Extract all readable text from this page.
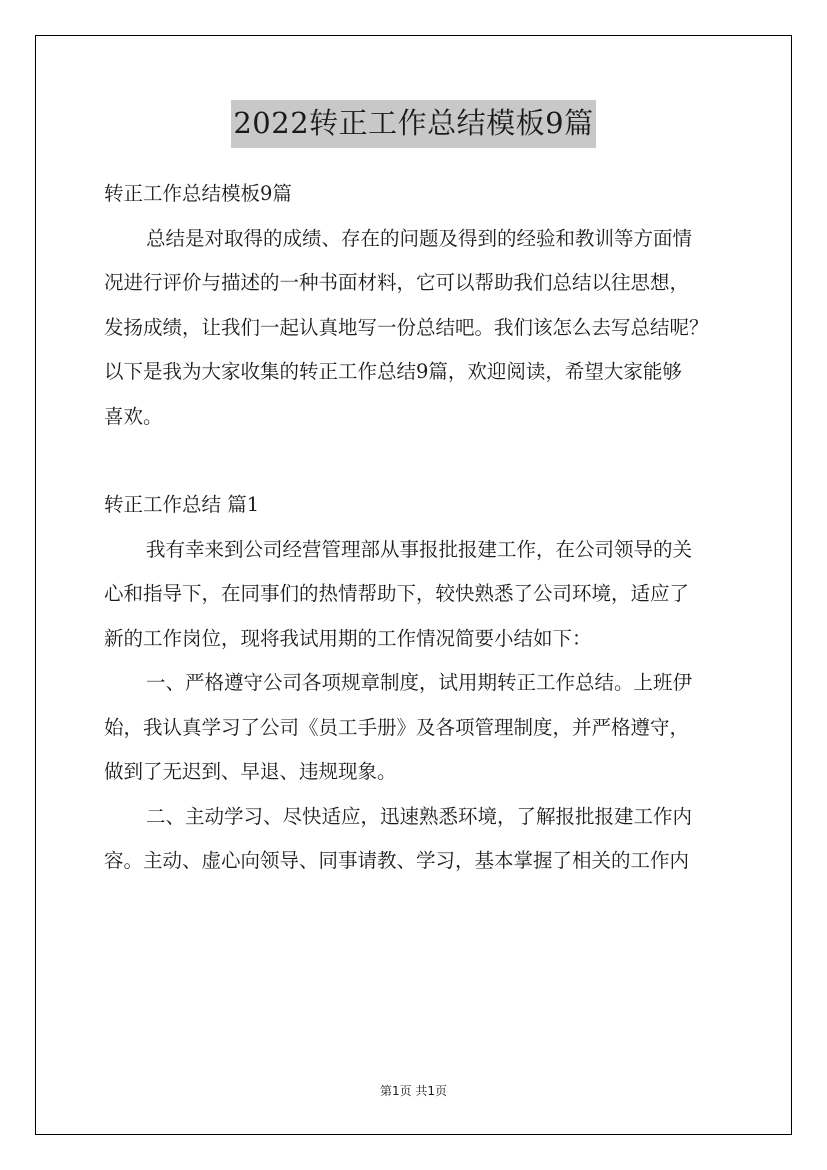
2022转正工作总结模板9篇

转正工作总结模板9篇

总结是对取得的成绩、存在的问题及得到的经验和教训等方面情

况进行评价与描述的一种书面材料，它可以帮助我们总结以往思想，

发扬成绩，让我们一起认真地写一份总结吧。我们该怎么去写总结呢？

以下是我为大家收集的转正工作总结9篇，欢迎阅读，希望大家能够

喜欢。

转正工作总结 篇1

我有幸来到公司经营管理部从事报批报建工作，在公司领导的关

心和指导下，在同事们的热情帮助下，较快熟悉了公司环境，适应了

新的工作岗位，现将我试用期的工作情况简要小结如下：

一、严格遵守公司各项规章制度，试用期转正工作总结。上班伊

始，我认真学习了公司《员工手册》及各项管理制度，并严格遵守，

做到了无迟到、早退、违规现象。

二、主动学习、尽快适应，迅速熟悉环境，了解报批报建工作内

容。主动、虚心向领导、同事请教、学习，基本掌握了相关的工作内

第1页 共1页
